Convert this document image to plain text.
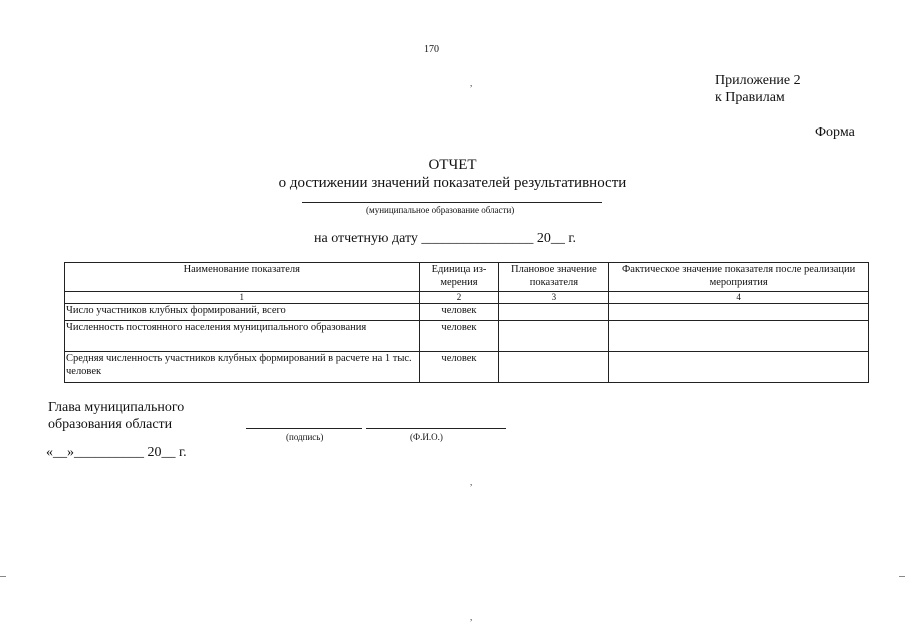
170
,	Приложение 2
к Правилам
Форма
ОТЧЕТ
о достижении значений показателей результативности
(муниципальное образование области)
на отчетную дату ________________ 20__ г.
Наименование показателя	Единица из-мерения	Плановое значение показателя	Фактическое значение показателя после реализации мероприятия
1	2	3	4
Число участников клубных формирований, всего	человек		
Численность постоянного населения муниципального образования	человек		
Средняя численность участников клубных формирований в расчете на 1 тыс. человек	человек		
Глава муниципального
образования области
(подпись)	(Ф.И.О.)
«__»__________ 20__ г.
,
,
